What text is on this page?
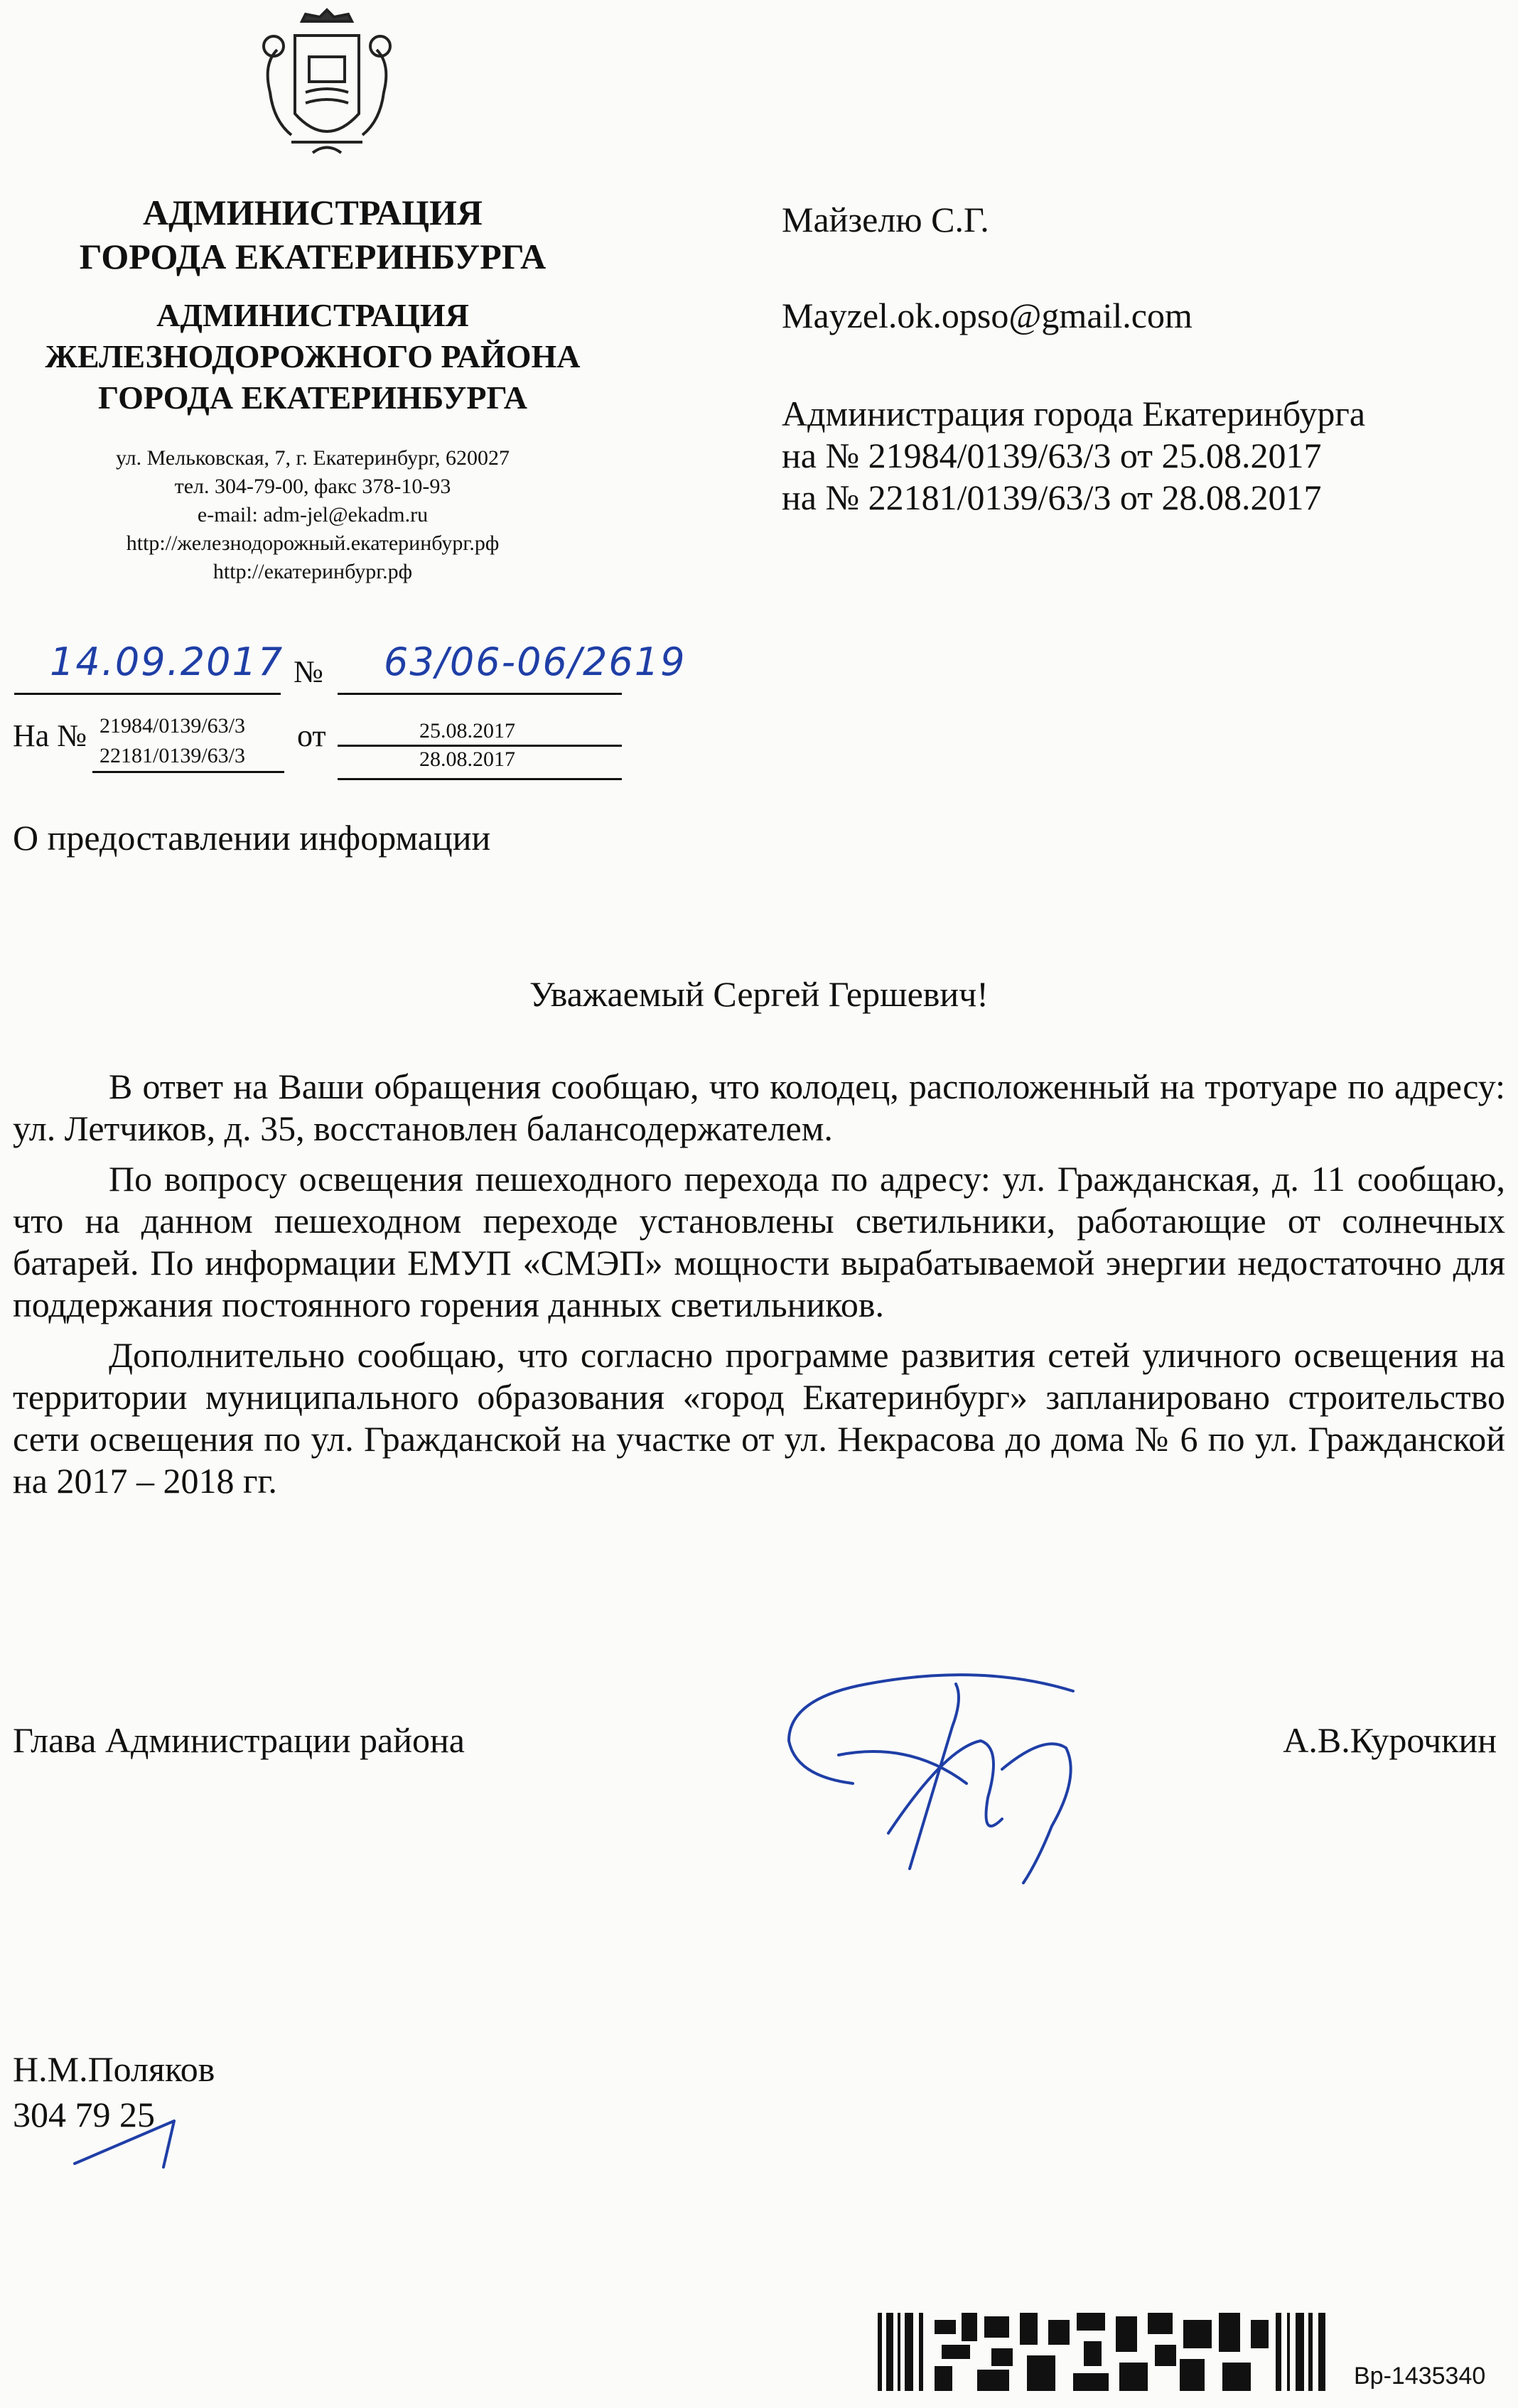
АДМИНИСТРАЦИЯ
ГОРОДА ЕКАТЕРИНБУРГА
АДМИНИСТРАЦИЯ
ЖЕЛЕЗНОДОРОЖНОГО РАЙОНА
ГОРОДА ЕКАТЕРИНБУРГА
ул. Мельковская, 7, г. Екатеринбург, 620027
тел. 304-79-00, факс 378-10-93
e-mail: adm-jel@ekadm.ru
http://железнодорожный.екатеринбург.рф
http://екатеринбург.рф
Майзелю С.Г.
Mayzel.ok.opso@gmail.com
Администрация города Екатеринбурга
на № 21984/0139/63/3 от 25.08.2017
на № 22181/0139/63/3 от 28.08.2017
14.09.2017 № 63/06-06/2619
На № 21984/0139/63/3
22181/0139/63/3
от	25.08.2017
28.08.2017
О предоставлении информации
Уважаемый Сергей Гершевич!

В ответ на Ваши обращения сообщаю, что колодец, расположенный на тротуаре по адресу: ул. Летчиков, д. 35, восстановлен балансодержателем.

По вопросу освещения пешеходного перехода по адресу: ул. Гражданская, д. 11 сообщаю, что на данном пешеходном переходе установлены светильники, работающие от солнечных батарей. По информации ЕМУП «СМЭП» мощности вырабатываемой энергии недостаточно для поддержания постоянного горения данных светильников.

Дополнительно сообщаю, что согласно программе развития сетей уличного освещения на территории муниципального образования «город Екатеринбург» запланировано строительство сети освещения по ул. Гражданской на участке от ул. Некрасова до дома № 6 по ул. Гражданской на 2017 – 2018 гг.

Глава Администрации района	А.В.Курочкин
Н.М.Поляков
304 79 25
Вр-1435340
